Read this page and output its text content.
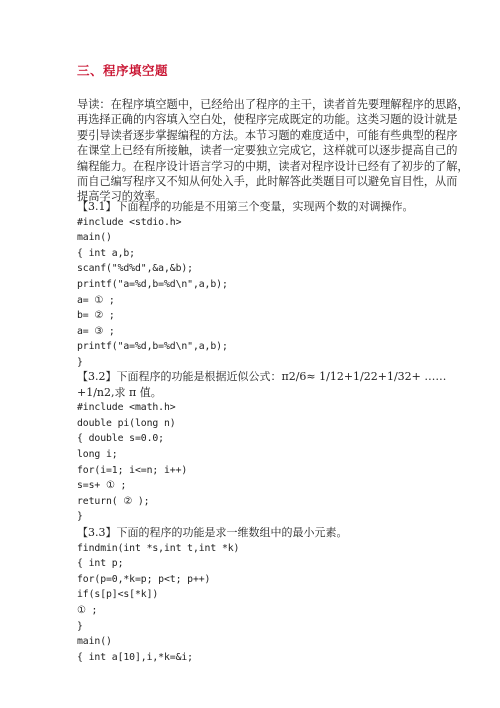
三、程序填空题

导读：在程序填空题中，已经给出了程序的主干，读者首先要理解程序的思路，

再选择正确的内容填入空白处，使程序完成既定的功能。这类习题的设计就是

要引导读者逐步掌握编程的方法。本节习题的难度适中，可能有些典型的程序

在课堂上已经有所接触，读者一定要独立完成它，这样就可以逐步提高自己的

编程能力。在程序设计语言学习的中期，读者对程序设计已经有了初步的了解，

而自己编写程序又不知从何处入手，此时解答此类题目可以避免盲目性，从而

提高学习的效率。

【3.1】下面程序的功能是不用第三个变量，实现两个数的对调操作。

#include <stdio.h>

main()

{ int a,b;

scanf("%d%d",&a,&b);

printf("a=%d,b=%d\n",a,b);

a= ① ;

b= ② ;

a= ③ ;

printf("a=%d,b=%d\n",a,b);

}

【3.2】下面程序的功能是根据近似公式：π2/6≈ 1/12+1/22+1/32+ ……

+1/n2,求 π 值。

#include <math.h>

double pi(long n)

{ double s=0.0;

long i;

for(i=1; i<=n; i++)

s=s+ ① ;

return( ② );

}

【3.3】下面的程序的功能是求一维数组中的最小元素。

findmin(int *s,int t,int *k)

{ int p;

for(p=0,*k=p; p<t; p++)

if(s[p]<s[*k])

① ;

}

main()

{ int a[10],i,*k=&i;
